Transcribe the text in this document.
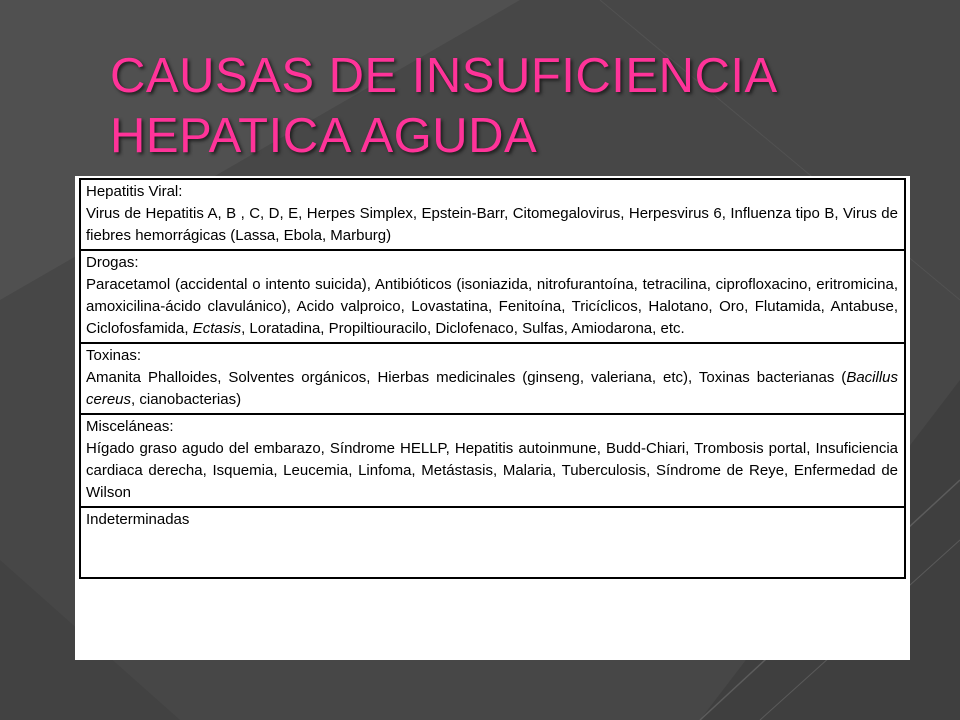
CAUSAS DE INSUFICIENCIA
HEPATICA AGUDA
Hepatitis Viral:
Virus de Hepatitis A, B , C, D, E, Herpes Simplex, Epstein-Barr, Citomegalovirus, Herpesvirus 6, Influenza tipo B, Virus de fiebres hemorrágicas (Lassa, Ebola, Marburg)
Drogas:
Paracetamol (accidental o intento suicida), Antibióticos (isoniazida, nitrofurantoína, tetracilina, ciprofloxacino, eritromicina, amoxicilina-ácido clavulánico), Acido valproico, Lovastatina, Fenitoína, Tricíclicos, Halotano, Oro, Flutamida, Antabuse, Ciclofosfamida, Ectasis, Loratadina, Propiltiouracilo, Diclofenaco, Sulfas, Amiodarona, etc.
Toxinas:
Amanita Phalloides, Solventes orgánicos, Hierbas medicinales (ginseng, valeriana, etc), Toxinas bacterianas (Bacillus cereus, cianobacterias)
Misceláneas:
Hígado graso agudo del embarazo, Síndrome HELLP, Hepatitis autoinmune, Budd-Chiari, Trombosis portal, Insuficiencia cardiaca derecha, Isquemia, Leucemia, Linfoma, Metástasis, Malaria, Tuberculosis, Síndrome de Reye, Enfermedad de Wilson
Indeterminadas
